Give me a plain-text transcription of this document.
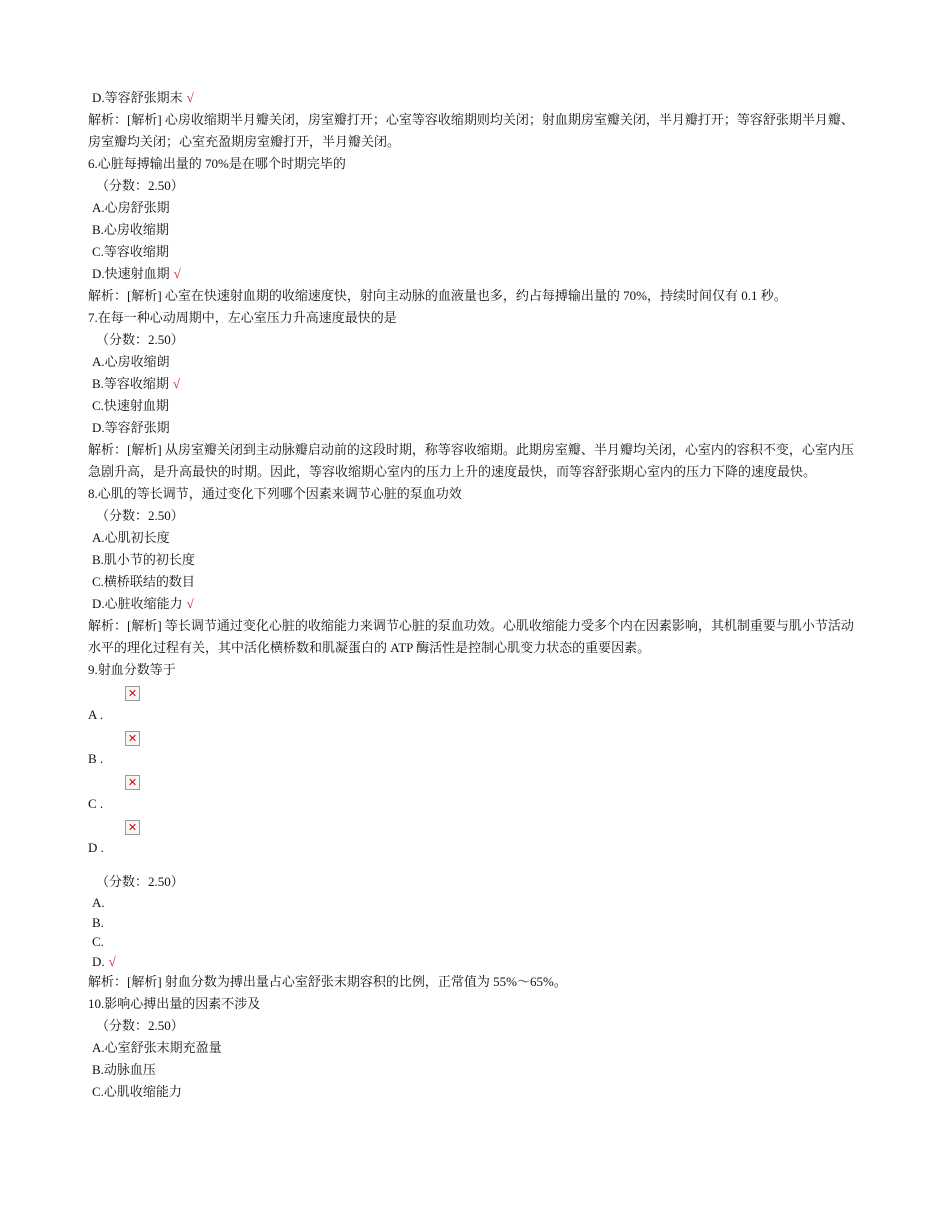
D.等容舒张期末 √
解析：[解析] 心房收缩期半月瓣关闭，房室瓣打开；心室等容收缩期则均关闭；射血期房室瓣关闭，半月瓣打开；等容舒张期半月瓣、房室瓣均关闭；心室充盈期房室瓣打开，半月瓣关闭。
6.心脏每搏输出量的 70%是在哪个时期完毕的
（分数：2.50）
A.心房舒张期
B.心房收缩期
C.等容收缩期
D.快速射血期 √
解析：[解析] 心室在快速射血期的收缩速度快，射向主动脉的血液量也多，约占每搏输出量的 70%，持续时间仅有 0.1 秒。
7.在每一种心动周期中，左心室压力升高速度最快的是
（分数：2.50）
A.心房收缩朗
B.等容收缩期 √
C.快速射血期
D.等容舒张期
解析：[解析] 从房室瓣关闭到主动脉瓣启动前的这段时期，称等容收缩期。此期房室瓣、半月瓣均关闭，心室内的容积不变，心室内压急剧升高，是升高最快的时期。因此，等容收缩期心室内的压力上升的速度最快，而等容舒张期心室内的压力下降的速度最快。
8.心肌的等长调节，通过变化下列哪个因素来调节心脏的泵血功效
（分数：2.50）
A.心肌初长度
B.肌小节的初长度
C.横桥联结的数目
D.心脏收缩能力 √
解析：[解析] 等长调节通过变化心脏的收缩能力来调节心脏的泵血功效。心肌收缩能力受多个内在因素影响，其机制重要与肌小节活动水平的理化过程有关，其中活化横桥数和肌凝蛋白的 ATP 酶活性是控制心肌变力状态的重要因素。
9.射血分数等于
A .
✕
B .
✕
C .
✕
D .
✕
（分数：2.50）
A.
B.
C.
D. √
解析：[解析] 射血分数为搏出量占心室舒张末期容积的比例，正常值为 55%～65%。
10.影响心搏出量的因素不涉及
（分数：2.50）
A.心室舒张末期充盈量
B.动脉血压
C.心肌收缩能力
